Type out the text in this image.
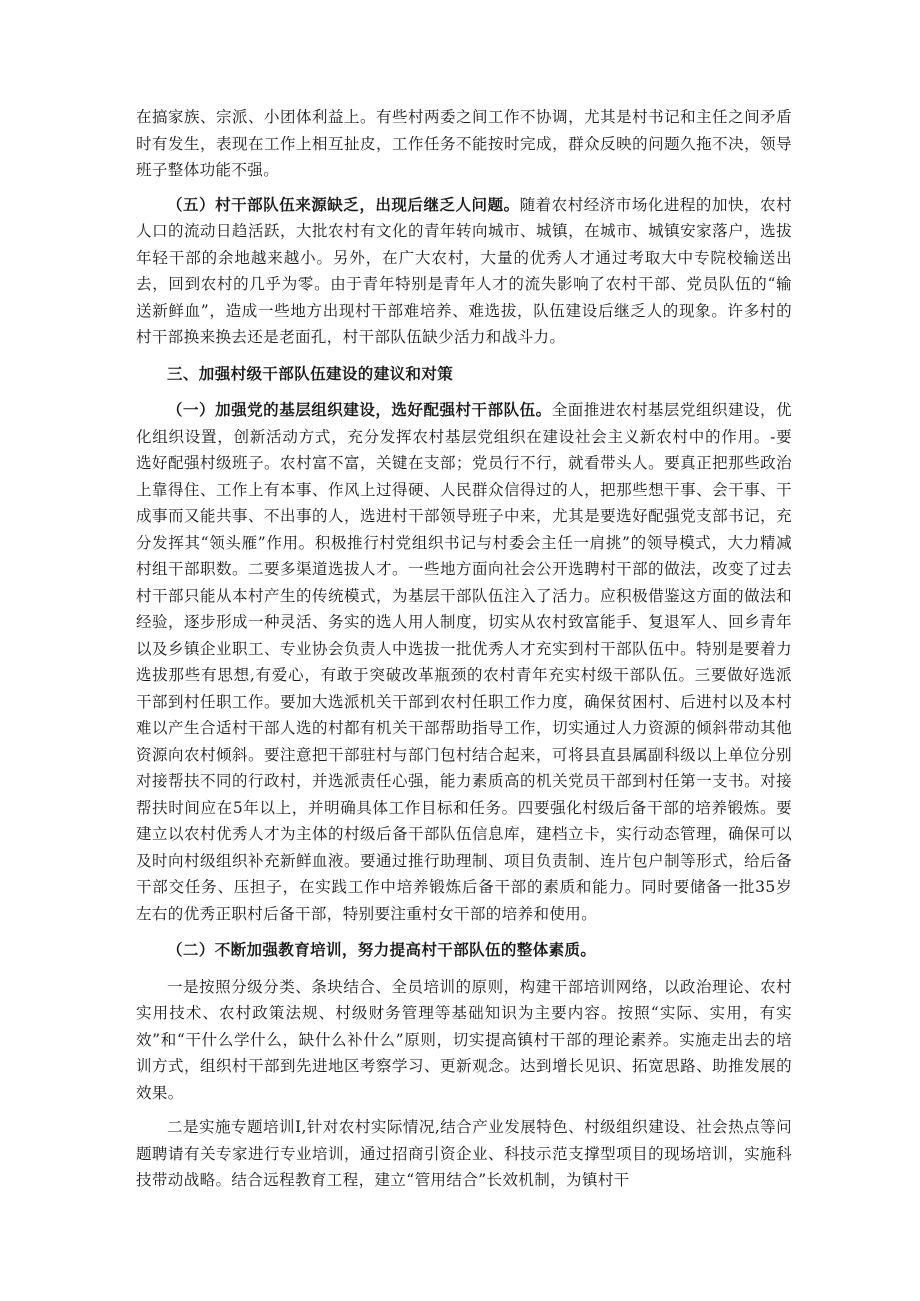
在搞家族、宗派、小团体利益上。有些村两委之间工作不协调，尤其是村书记和主任之间矛盾时有发生，表现在工作上相互扯皮，工作任务不能按时完成，群众反映的问题久拖不决，领导班子整体功能不强。

（五）村干部队伍来源缺乏，出现后继乏人问题。随着农村经济市场化进程的加快，农村人口的流动日趋活跃，大批农村有文化的青年转向城市、城镇，在城市、城镇安家落户，选拔年轻干部的余地越来越小。另外，在广大农村，大量的优秀人才通过考取大中专院校输送出去，回到农村的几乎为零。由于青年特别是青年人才的流失影响了农村干部、党员队伍的“输送新鲜血”，造成一些地方出现村干部难培养、难选拔，队伍建设后继乏人的现象。许多村的村干部换来换去还是老面孔，村干部队伍缺少活力和战斗力。

三、加强村级干部队伍建设的建议和对策

（一）加强党的基层组织建设，选好配强村干部队伍。全面推进农村基层党组织建设，优化组织设置，创新活动方式，充分发挥农村基层党组织在建设社会主义新农村中的作用。-要选好配强村级班子。农村富不富，关键在支部；党员行不行，就看带头人。要真正把那些政治上靠得住、工作上有本事、作风上过得硬、人民群众信得过的人，把那些想干事、会干事、干成事而又能共事、不出事的人，选进村干部领导班子中来，尤其是要选好配强党支部书记，充分发挥其“领头雁”作用。积极推行村党组织书记与村委会主任一肩挑”的领导模式，大力精减村组干部职数。二要多渠道选拔人才。一些地方面向社会公开选聘村干部的做法，改变了过去村干部只能从本村产生的传统模式，为基层干部队伍注入了活力。应积极借鉴这方面的做法和经验，逐步形成一种灵活、务实的选人用人制度，切实从农村致富能手、复退军人、回乡青年以及乡镇企业职工、专业协会负责人中选拔一批优秀人才充实到村干部队伍中。特别是要着力选拔那些有思想,有爱心，有敢于突破改革瓶颈的农村青年充实村级干部队伍。三要做好选派干部到村任职工作。要加大选派机关干部到农村任职工作力度，确保贫困村、后进村以及本村难以产生合适村干部人选的村都有机关干部帮助指导工作，切实通过人力资源的倾斜带动其他资源向农村倾斜。要注意把干部驻村与部门包村结合起来，可将县直县属副科级以上单位分别对接帮扶不同的行政村，并选派责任心强，能力素质高的机关党员干部到村任第一支书。对接帮扶时间应在5年以上，并明确具体工作目标和任务。四要强化村级后备干部的培养锻炼。要建立以农村优秀人才为主体的村级后备干部队伍信息库，建档立卡，实行动态管理，确保可以及时向村级组织补充新鲜血液。要通过推行助理制、项目负责制、连片包户制等形式，给后备干部交任务、压担子，在实践工作中培养锻炼后备干部的素质和能力。同时要储备一批35岁左右的优秀正职村后备干部，特别要注重村女干部的培养和使用。

（二）不断加强教育培训，努力提高村干部队伍的整体素质。

一是按照分级分类、条块结合、全员培训的原则，构建干部培训网络，以政治理论、农村实用技术、农村政策法规、村级财务管理等基础知识为主要内容。按照“实际、实用，有实效”和“干什么学什么，缺什么补什么”原则，切实提高镇村干部的理论素养。实施走出去的培训方式，组织村干部到先进地区考察学习、更新观念。达到增长见识、拓宽思路、助推发展的效果。

二是实施专题培训I,针对农村实际情况,结合产业发展特色、村级组织建设、社会热点等问题聘请有关专家进行专业培训，通过招商引资企业、科技示范支撑型项目的现场培训，实施科技带动战略。结合远程教育工程，建立“管用结合”长效机制，为镇村干
